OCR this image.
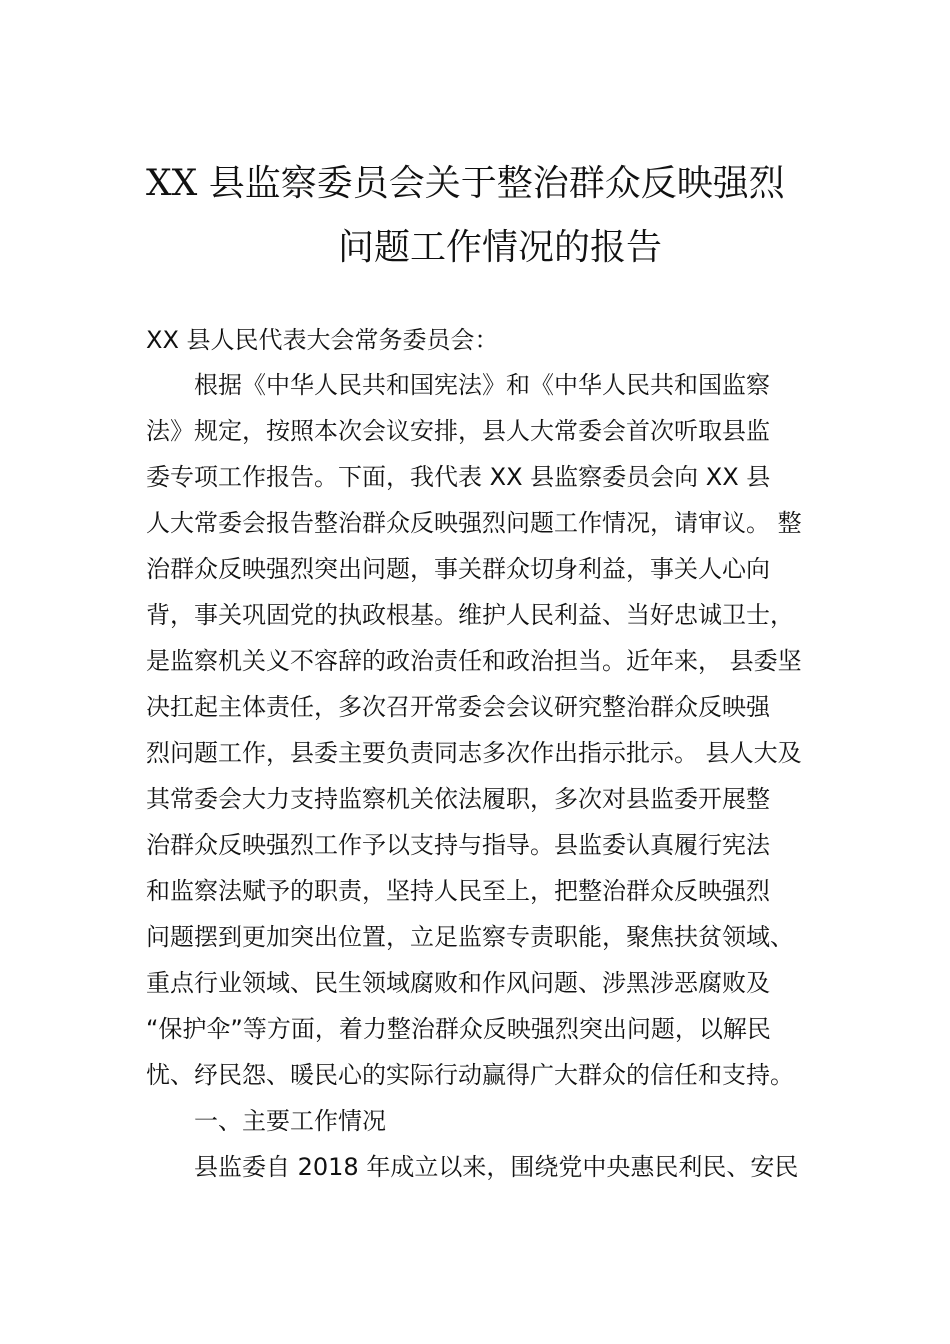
XX 县监察委员会关于整治群众反映强烈
问题工作情况的报告
XX 县人民代表大会常务委员会：
根据《中华人民共和国宪法》和《中华人民共和国监察
法》规定，按照本次会议安排，县人大常委会首次听取县监
委专项工作报告。下面，我代表 XX 县监察委员会向 XX 县
人大常委会报告整治群众反映强烈问题工作情况，请审议。 整
治群众反映强烈突出问题，事关群众切身利益，事关人心向
背，事关巩固党的执政根基。维护人民利益、当好忠诚卫士，
是监察机关义不容辞的政治责任和政治担当。近年来， 县委坚
决扛起主体责任，多次召开常委会会议研究整治群众反映强
烈问题工作，县委主要负责同志多次作出指示批示。 县人大及
其常委会大力支持监察机关依法履职，多次对县监委开展整
治群众反映强烈工作予以支持与指导。县监委认真履行宪法
和监察法赋予的职责，坚持人民至上，把整治群众反映强烈
问题摆到更加突出位置，立足监察专责职能，聚焦扶贫领域、
重点行业领域、民生领域腐败和作风问题、涉黑涉恶腐败及
“保护伞”等方面，着力整治群众反映强烈突出问题，以解民
忧、纾民怨、暖民心的实际行动赢得广大群众的信任和支持。
一、主要工作情况
县监委自 2018 年成立以来，围绕党中央惠民利民、安民
